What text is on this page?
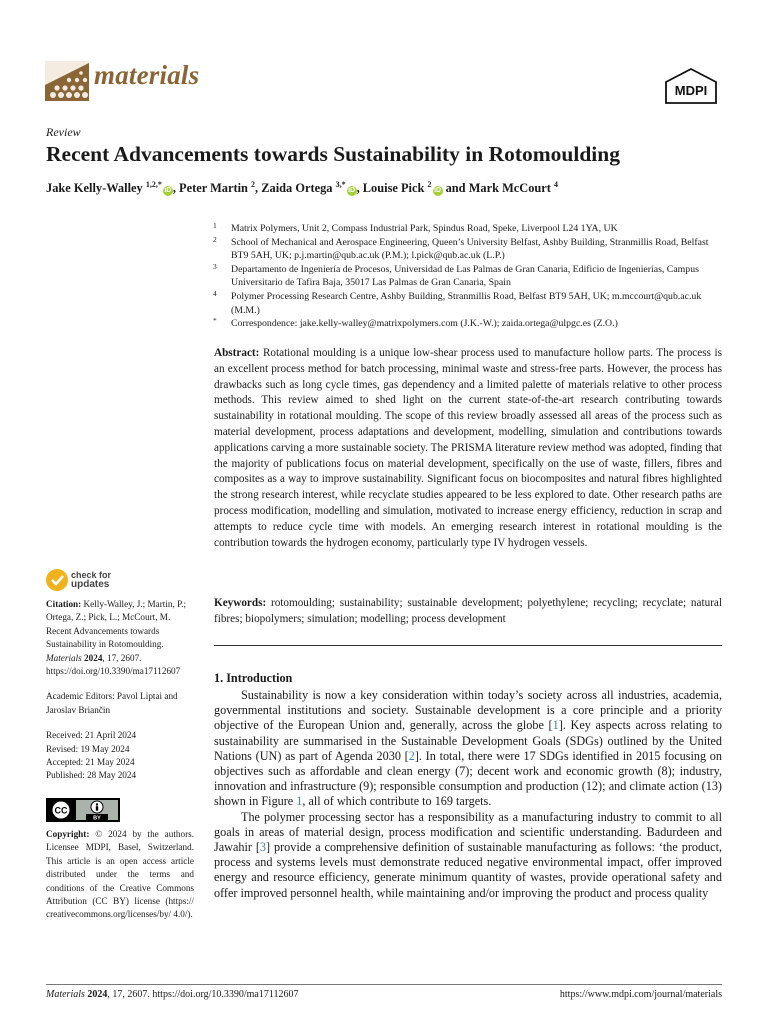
materials
MDPI
Review
Recent Advancements towards Sustainability in Rotomoulding
Jake Kelly-Walley $^{1,2,*}$iD , Peter Martin $^2$, Zaida Ortega $^{3,*}$iD , Louise Pick $^2$iD and Mark McCourt $^4$
1 Matrix Polymers, Unit 2, Compass Industrial Park, Spindus Road, Speke, Liverpool L24 1YA, UK
2 School of Mechanical and Aerospace Engineering, Queen’s University Belfast, Ashby Building, Stranmillis Road, Belfast BT9 5AH, UK; p.j.martin@qub.ac.uk (P.M.); l.pick@qub.ac.uk (L.P.)
3 Departamento de Ingeniería de Procesos, Universidad de Las Palmas de Gran Canaria, Edificio de Ingenierías, Campus Universitario de Tafira Baja, 35017 Las Palmas de Gran Canaria, Spain
4 Polymer Processing Research Centre, Ashby Building, Stranmillis Road, Belfast BT9 5AH, UK; m.mccourt@qub.ac.uk (M.M.)
* Correspondence: jake.kelly-walley@matrixpolymers.com (J.K.-W.); zaida.ortega@ulpgc.es (Z.O.)
Abstract: Rotational moulding is a unique low-shear process used to manufacture hollow parts. The process is an excellent process method for batch processing, minimal waste and stress-free parts. However, the process has drawbacks such as long cycle times, gas dependency and a limited palette of materials relative to other process methods. This review aimed to shed light on the current state-of-the-art research contributing towards sustainability in rotational moulding. The scope of this review broadly assessed all areas of the process such as material development, process adaptations and development, modelling, simulation and contributions towards applications carving a more sustainable society. The PRISMA literature review method was adopted, finding that the majority of publications focus on material development, specifically on the use of waste, fillers, fibres and composites as a way to improve sustainability. Significant focus on biocomposites and natural fibres highlighted the strong research interest, while recyclate studies appeared to be less explored to date. Other research paths are process modification, modelling and simulation, motivated to increase energy efficiency, reduction in scrap and attempts to reduce cycle time with models. An emerging research interest in rotational moulding is the contribution towards the hydrogen economy, particularly type IV hydrogen vessels.
Keywords: rotomoulding; sustainability; sustainable development; polyethylene; recycling; recyclate; natural fibres; biopolymers; simulation; modelling; process development
1. Introduction

Sustainability is now a key consideration within today’s society across all industries, academia, governmental institutions and society. Sustainable development is a core principle and a priority objective of the European Union and, generally, across the globe [1]. Key aspects across relating to sustainability are summarised in the Sustainable Development Goals (SDGs) outlined by the United Nations (UN) as part of Agenda 2030 [2]. In total, there were 17 SDGs identified in 2015 focusing on objectives such as affordable and clean energy (7); decent work and economic growth (8); industry, innovation and infrastructure (9); responsible consumption and production (12); and climate action (13) shown in Figure 1, all of which contribute to 169 targets.

The polymer processing sector has a responsibility as a manufacturing industry to commit to all goals in areas of material design, process modification and scientific understanding. Badurdeen and Jawahir [3] provide a comprehensive definition of sustainable manufacturing as follows: ‘the product, process and systems levels must demonstrate reduced negative environmental impact, offer improved energy and resource efficiency, generate minimum quantity of wastes, provide operational safety and offer improved personnel health, while maintaining and/or improving the product and process quality

check for
updates

Citation: Kelly-Walley, J.; Martin, P.; Ortega, Z.; Pick, L.; McCourt, M. Recent Advancements towards Sustainability in Rotomoulding. Materials 2024, 17, 2607. https://doi.org/10.3390/ma17112607

Academic Editors: Pavol Liptai and Jaroslav Briančin

Received: 21 April 2024

Revised: 19 May 2024

Accepted: 21 May 2024

Published: 28 May 2024

CC
BY

Copyright: © 2024 by the authors. Licensee MDPI, Basel, Switzerland. This article is an open access article distributed under the terms and conditions of the Creative Commons Attribution (CC BY) license (https:// creativecommons.org/licenses/by/ 4.0/).

Materials 2024, 17, 2607. https://doi.org/10.3390/ma17112607	https://www.mdpi.com/journal/materials
